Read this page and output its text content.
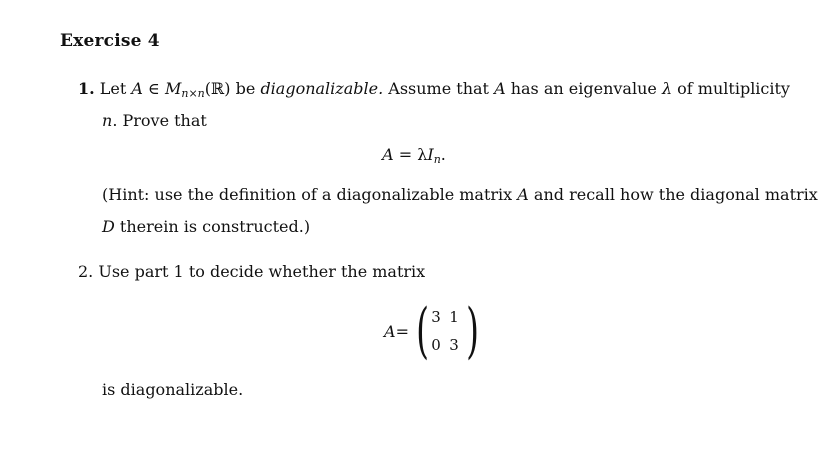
Exercise 4
1. Let A ∈ $M_{n\times n}(ℝ)$ be diagonalizable. Assume that A has an eigenvalue λ of multiplicity
n. Prove that
A = λIn.
(Hint: use the definition of a diagonalizable matrix A and recall how the diagonal matrix
D therein is constructed.)
2. Use part 1 to decide whether the matrix
A = ( 3 1
0 3 )
is diagonalizable.
